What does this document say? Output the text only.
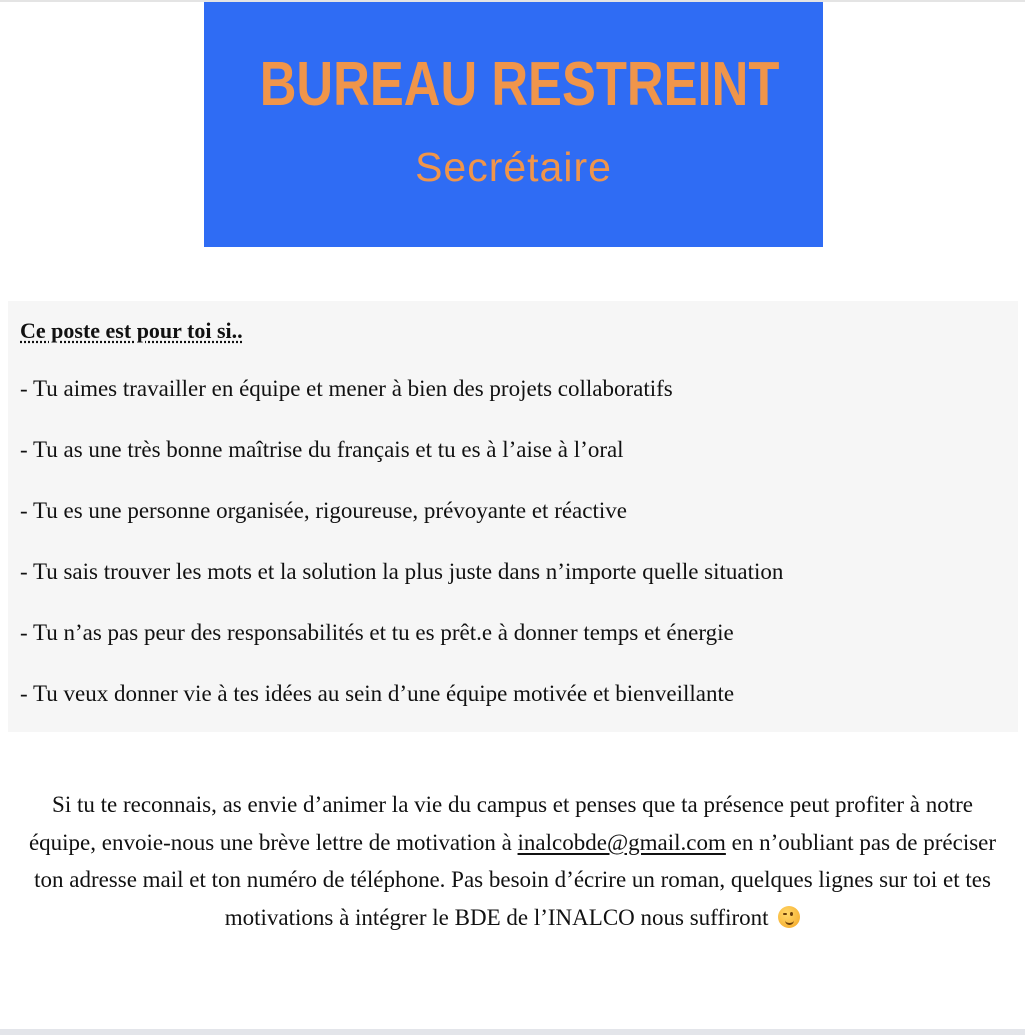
BUREAU RESTREINT
Secrétaire

Ce poste est pour toi si..

- Tu aimes travailler en équipe et mener à bien des projets collaboratifs
- Tu as une très bonne maîtrise du français et tu es à l’aise à l’oral
- Tu es une personne organisée, rigoureuse, prévoyante et réactive
- Tu sais trouver les mots et la solution la plus juste dans n’importe quelle situation
- Tu n’as pas peur des responsabilités et tu es prêt.e à donner temps et énergie
- Tu veux donner vie à tes idées au sein d’une équipe motivée et bienveillante

Si tu te reconnais, as envie d’animer la vie du campus et penses que ta présence peut profiter à notre équipe, envoie-nous une brève lettre de motivation à inalcobde@gmail.com en n’oubliant pas de préciser ton adresse mail et ton numéro de téléphone. Pas besoin d’écrire un roman, quelques lignes sur toi et tes motivations à intégrer le BDE de l’INALCO nous suffiront
